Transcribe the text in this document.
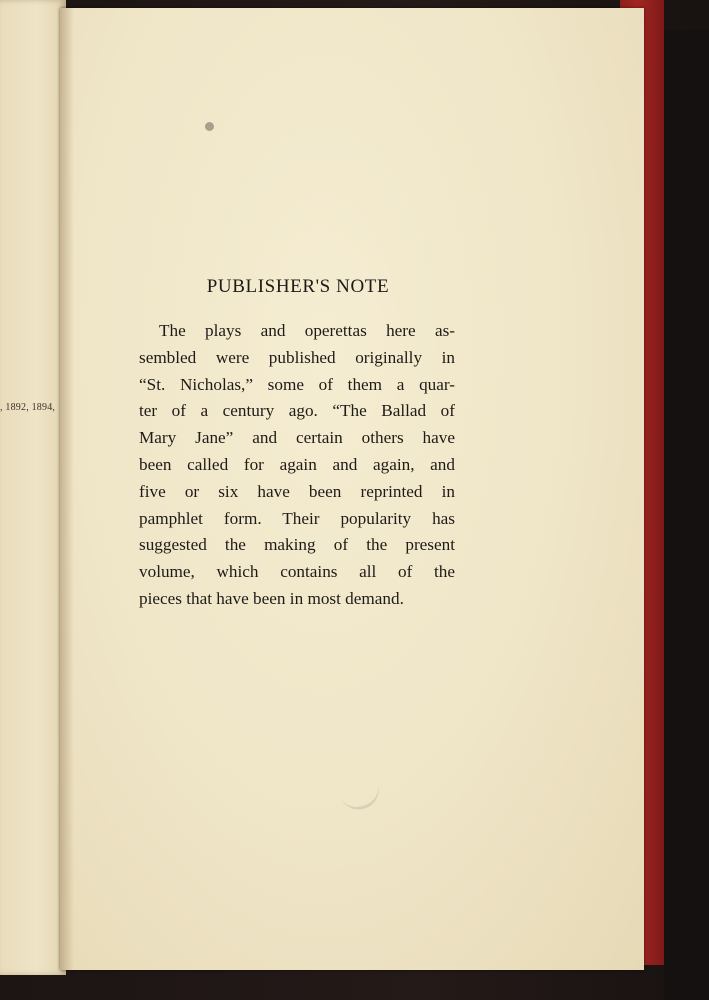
, 1892, 1894,
PUBLISHER'S NOTE
The plays and operettas here as-
sembled were published originally in
“St. Nicholas,” some of them a quar-
ter of a century ago. “The Ballad of
Mary Jane” and certain others have
been called for again and again, and
five or six have been reprinted in
pamphlet form. Their popularity has
suggested the making of the present
volume, which contains all of the
pieces that have been in most demand.
